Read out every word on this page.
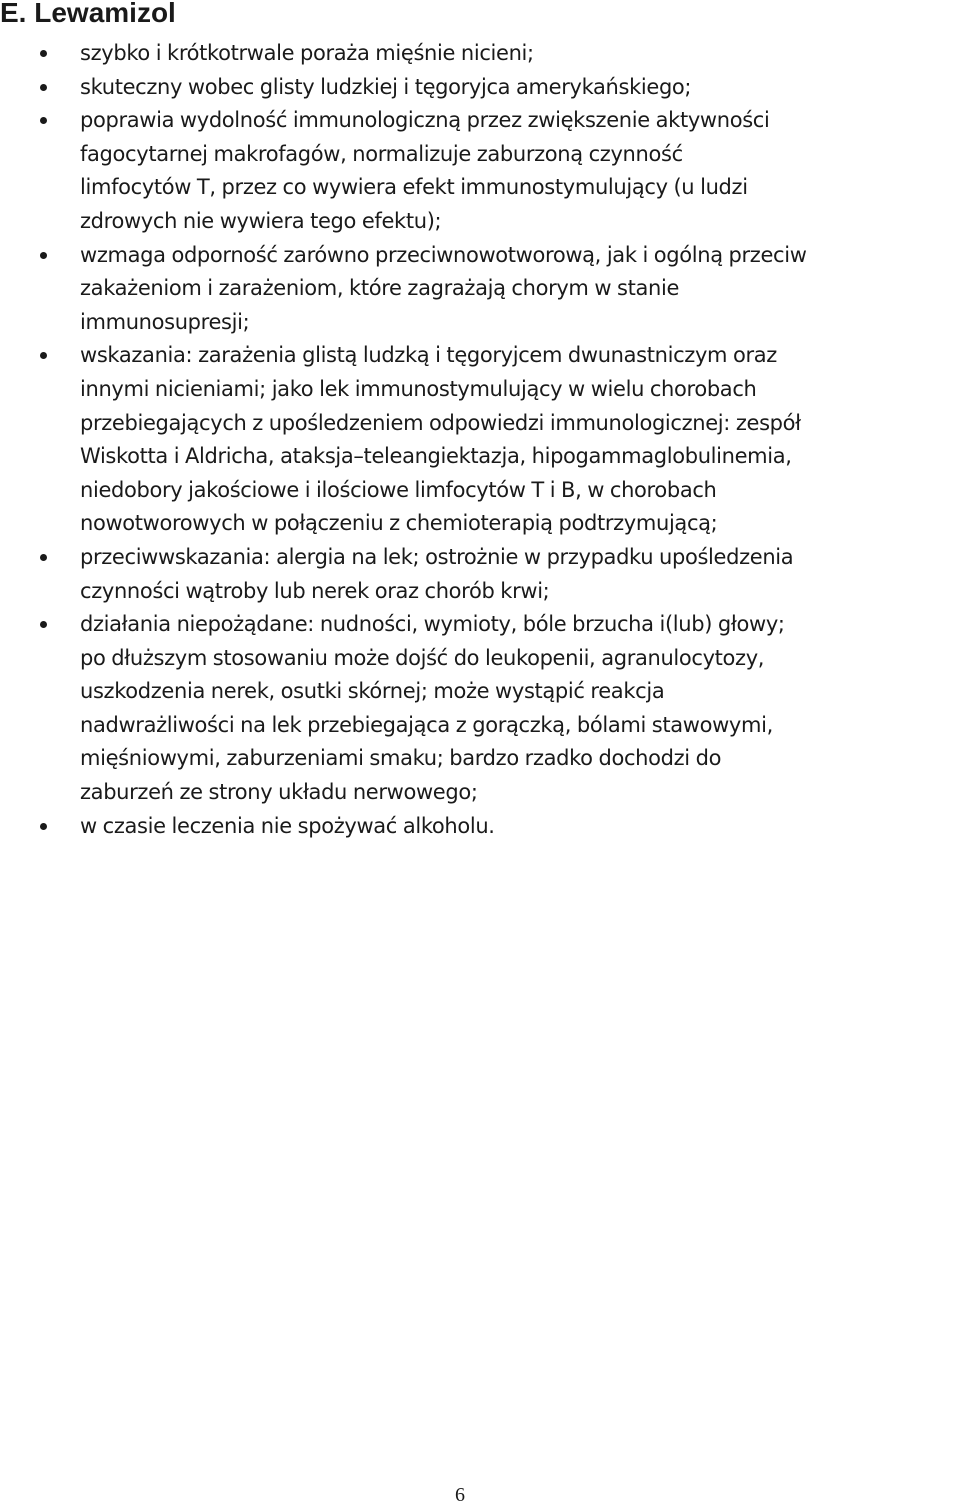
E. Lewamizol
szybko i krótkotrwale poraża mięśnie nicieni;
skuteczny wobec glisty ludzkiej i tęgoryjca amerykańskiego;
poprawia wydolność immunologiczną przez zwiększenie aktywności
fagocytarnej makrofagów, normalizuje zaburzoną czynność
limfocytów T, przez co wywiera efekt immunostymulujący (u ludzi
zdrowych nie wywiera tego efektu);
wzmaga odporność zarówno przeciwnowotworową, jak i ogólną przeciw
zakażeniom i zarażeniom, które zagrażają chorym w stanie
immunosupresji;
wskazania: zarażenia glistą ludzką i tęgoryjcem dwunastniczym oraz
innymi nicieniami; jako lek immunostymulujący w wielu chorobach
przebiegających z upośledzeniem odpowiedzi immunologicznej: zespół
Wiskotta i Aldricha, ataksja–teleangiektazja, hipogammaglobulinemia,
niedobory jakościowe i ilościowe limfocytów T i B, w chorobach
nowotworowych w połączeniu z chemioterapią podtrzymującą;
przeciwwskazania: alergia na lek; ostrożnie w przypadku upośledzenia
czynności wątroby lub nerek oraz chorób krwi;
działania niepożądane: nudności, wymioty, bóle brzucha i(lub) głowy;
po dłuższym stosowaniu może dojść do leukopenii, agranulocytozy,
uszkodzenia nerek, osutki skórnej; może wystąpić reakcja
nadwrażliwości na lek przebiegająca z gorączką, bólami stawowymi,
mięśniowymi, zaburzeniami smaku; bardzo rzadko dochodzi do
zaburzeń ze strony układu nerwowego;
w czasie leczenia nie spożywać alkoholu.
6
